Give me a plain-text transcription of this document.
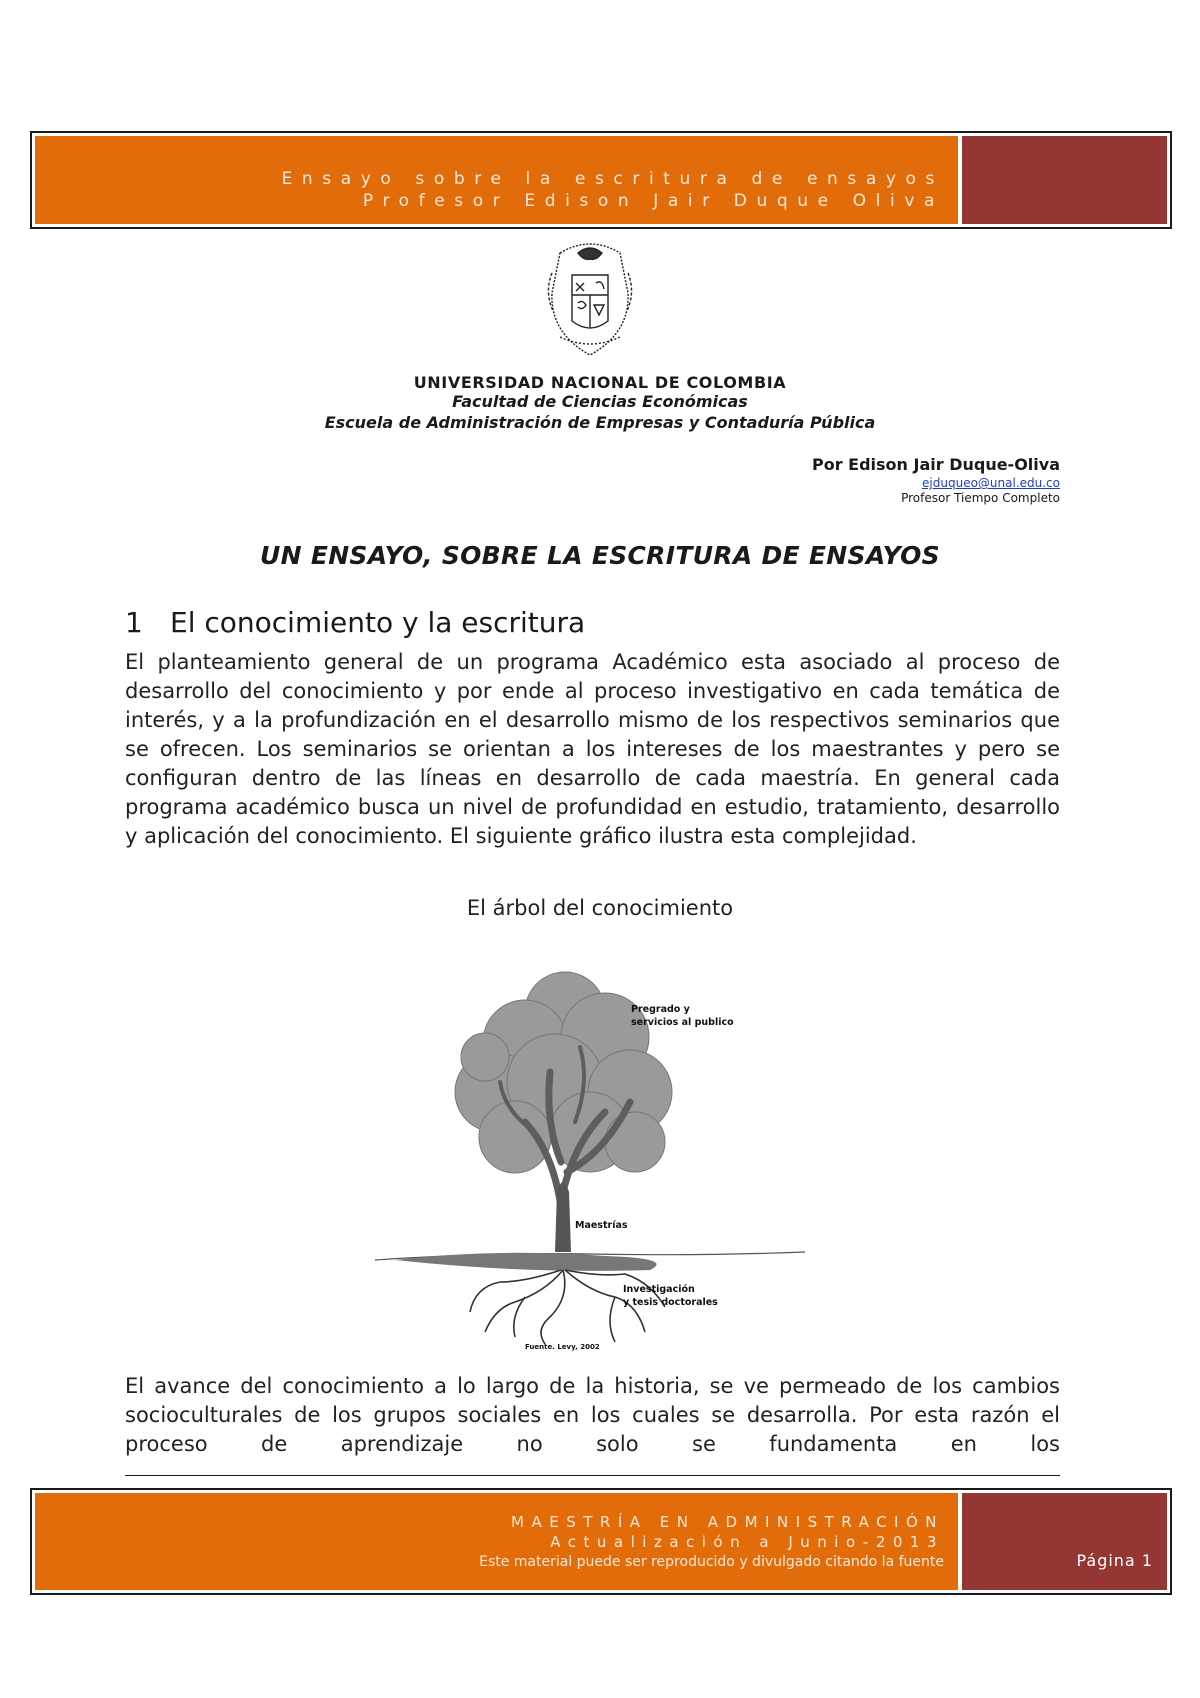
Ensayo sobre la escritura de ensayos
Profesor Edison Jair Duque Oliva
UNIVERSIDAD NACIONAL DE COLOMBIA
Facultad de Ciencias Económicas
Escuela de Administración de Empresas y Contaduría Pública
Por Edison Jair Duque-Oliva
ejduqueo@unal.edu.co
Profesor Tiempo Completo
UN ENSAYO, SOBRE LA ESCRITURA DE ENSAYOS
1 El conocimiento y la escritura
El planteamiento general de un programa Académico esta asociado al proceso de desarrollo del conocimiento y por ende al proceso investigativo en cada temática de interés, y a la profundización en el desarrollo mismo de los respectivos seminarios que se ofrecen. Los seminarios se orientan a los intereses de los maestrantes y pero se configuran dentro de las líneas en desarrollo de cada maestría. En general cada programa académico busca un nivel de profundidad en estudio, tratamiento, desarrollo y aplicación del conocimiento. El siguiente gráfico ilustra esta complejidad.
El árbol del conocimiento
Pregrado y
servicios al publico
Maestrías
Investigación
y tesis doctorales
Fuente. Levy, 2002
El avance del conocimiento a lo largo de la historia, se ve permeado de los cambios socioculturales de los grupos sociales en los cuales se desarrolla. Por esta razón el proceso de aprendizaje no solo se fundamenta en los
MAESTRÍA EN ADMINISTRACIÓN
Actualización a Junio-2013
Este material puede ser reproducido y divulgado citando la fuente	Página 1
